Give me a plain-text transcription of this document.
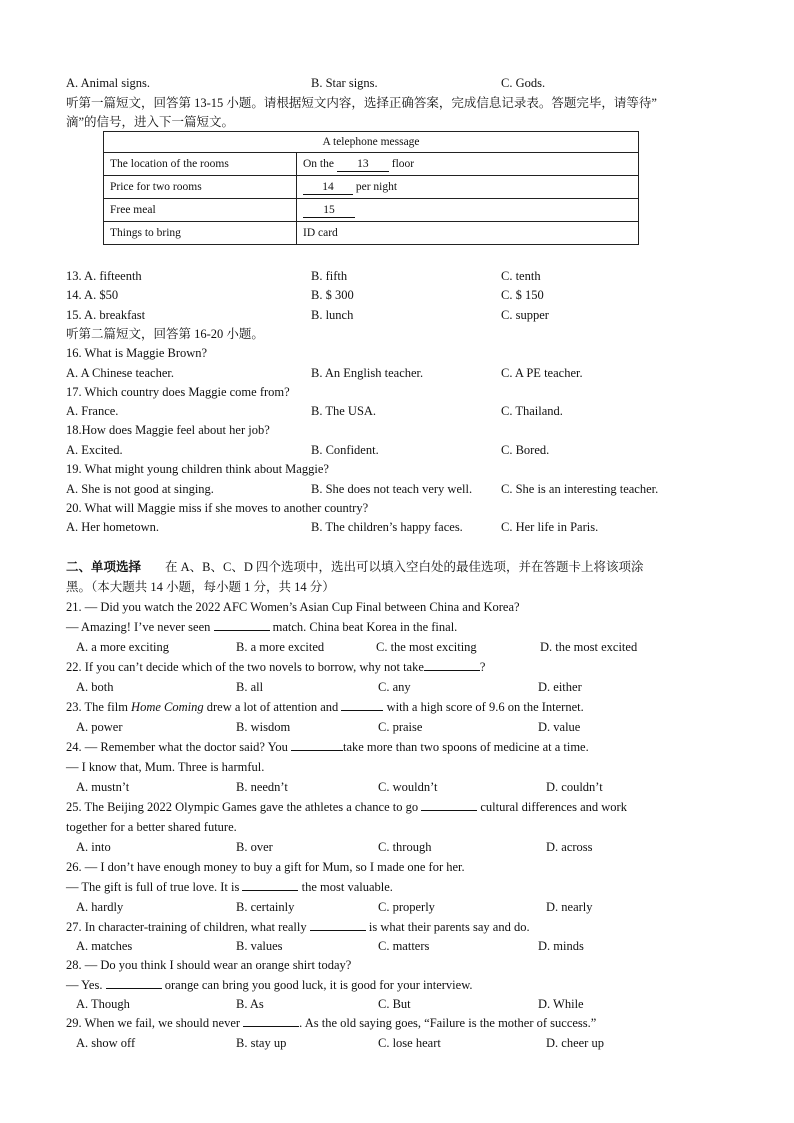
A. Animal signs.	B. Star signs.	C. Gods.
听第一篇短文，回答第 13-15 小题。请根据短文内容，选择正确答案，完成信息记录表。答题完毕，请等待”
滴”的信号，进入下一篇短文。
A telephone message	
The location of the rooms	On the 13 floor
Price for two rooms	14 per night
Free meal	15
Things to bring	ID card
13. A. fifteenth	B. fifth	C. tenth
14. A. $50	B. $ 300	C. $ 150
15. A. breakfast	B. lunch	C. supper
听第二篇短文，回答第 16-20 小题。
16. What is Maggie Brown?
A. A Chinese teacher.	B. An English teacher.	C. A PE teacher.
17. Which country does Maggie come from?
A. France.	B. The USA.	C. Thailand.
18.How does Maggie feel about her job?
A. Excited.	B. Confident.	C. Bored.
19. What might young children think about Maggie?
A. She is not good at singing.	B. She does not teach very well. C. She is an interesting teacher.
20. What will Maggie miss if she moves to another country?
A. Her hometown.	B. The children’s happy faces.	C. Her life in Paris.
二、单项选择 在 A、B、C、D 四个选项中，选出可以填入空白处的最佳选项，并在答题卡上将该项涂
黑。（本大题共 14 小题，每小题 1 分，共 14 分）
21. — Did you watch the 2022 AFC Women’s Asian Cup Final between China and Korea?
— Amazing! I’ve never seen	match. China beat Korea in the final.
A. a more exciting	B. a more excited	C. the most exciting	D. the most excited
22. If you can’t decide which of the two novels to borrow, why not take	?
A. both	B. all	C. any	D. either
23. The film Home Coming drew a lot of attention and	with a high score of 9.6 on the Internet.
A. power	B. wisdom	C. praise	D. value
24. — Remember what the doctor said? You	take more than two spoons of medicine at a time.
— I know that, Mum. Three is harmful.
A. mustn’t	B. needn’t	C. wouldn’t	D. couldn’t
25. The Beijing 2022 Olympic Games gave the athletes a chance to go	cultural differences and work
together for a better shared future.
A. into	B. over	C. through	D. across
26. — I don’t have enough money to buy a gift for Mum, so I made one for her.
— The gift is full of true love. It is	the most valuable.
A. hardly	B. certainly	C. properly	D. nearly
27. In character-training of children, what really	is what their parents say and do.
A. matches	B. values	C. matters	D. minds
28. — Do you think I should wear an orange shirt today?
— Yes.	orange can bring you good luck, it is good for your interview.
A. Though	B. As	C. But	D. While
29. When we fail, we should never	. As the old saying goes, “Failure is the mother of success.”
A. show off	B. stay up	C. lose heart	D. cheer up
